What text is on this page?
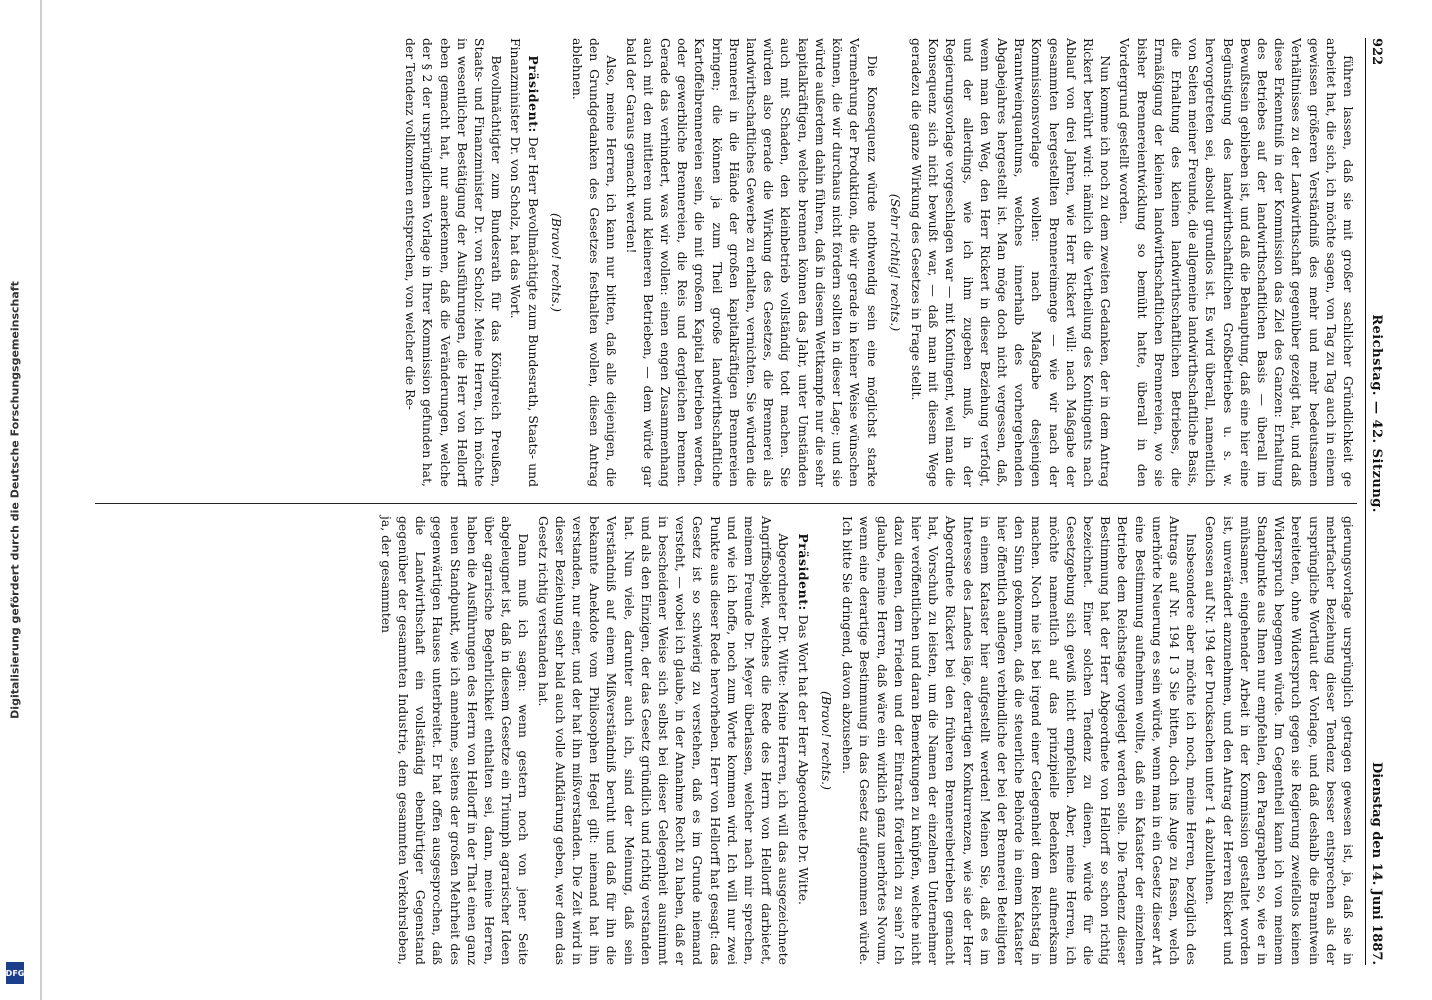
Digitalisierung gefördert durch die Deutsche Forschungsgemeinschaft
DFG
922
Reichstag. — 42. Sitzung.
Dienstag den 14. Juni 1887.

führen lassen, daß sie mit großer sachlicher Gründlichkeit ge arbeitet hat, die sich, ich möchte sagen, von Tag zu Tag auch in einem gewissen größeren Verständniß des mehr und mehr bedeutsamen Verhältnisses zu der Landwirthschaft gegenüber gezeigt hat, und daß diese Erkenntniß in der Kommission das Ziel des Ganzen: Erhaltung des Betriebes auf der landwirthschaftlichen Basis — überall im Bewußtsein geblieben ist, und daß die Behauptung, daß eine hier eine Begünstigung des landwirthschaftlichen Großbetriebes u. s. w. hervorgetreten sei, absolut grundlos ist. Es wird überall, namentlich von Seiten meiner Freunde, die allgemeine landwirthschaftliche Basis, die Erhaltung des kleinen landwirthschaftlichen Betriebes, die Ermäßigung der kleinen landwirthschaftlichen Brennereien, wo sie bisher Brennereientwicklung so bemüht hatte, überall in den Vordergrund gestellt worden.

Nun komme ich noch zu dem zweiten Gedanken, der in dem Antrag Rickert berührt wird: nämlich die Vertheilung des Kontingents nach Ablauf von drei Jahren, wie Herr Rickert will: nach Maßgabe der gesammten hergestellten Brennereimenge — wie wir nach der Kommissionsvorlage wollen: nach Maßgabe desjenigen Branntweinquantums, welches innerhalb des vorhergehenden Abgabejahres hergestellt ist. Man möge doch nicht vergessen, daß, wenn man den Weg, den Herr Rickert in dieser Beziehung verfolgt, und der allerdings, wie ich ihm zugeben muß, in der Regierungsvorlage vorgeschlagen war — mit Kontingent, weil man die Konsequenz sich nicht bewußt war, — daß man mit diesem Wege geradezu die ganze Wirkung des Gesetzes in Frage stellt.

(Sehr richtig! rechts.)

Die Konsequenz würde nothwendig sein eine möglichst starke Vermehrung der Produktion, die wir gerade in keiner Weise wünschen können, die wir durchaus nicht fördern sollten in dieser Lage; und sie würde außerdem dahin führen, daß in diesem Wettkampfe nur die sehr kapitalkräftigen, welche brennen können das Jahr, unter Umständen auch mit Schaden, den kleinbetrieb vollständig todt machen. Sie würden also gerade die Wirkung des Gesetzes, die Brennerei als landwirthschaftliches Gewerbe zu erhalten, vernichten. Sie würden die Brennerei in die Hände der großen kapitalkräftigen Brennereien bringen; die können ja zum Theil große landwirthschaftliche Kartoffelbrennereien sein, die mit großem Kapital betrieben werden, oder gewerbliche Brennereien, die Reis und dergleichen brennen. Gerade das verhindert, was wir wollen: einen engen Zusammenhang auch mit den mittleren und kleineren Betrieben, — dem würde gar bald der Garaus gemacht werden!

Also, meine Herren, ich kann nur bitten, daß alle diejenigen, die den Grundgedanken des Gesetzes festhalten wollen, diesen Antrag ablehnen.

(Bravo! rechts.)

Präsident: Der Herr Bevollmächtigte zum Bundesrath, Staats- und Finanzminister Dr. von Scholz, hat das Wort.

Bevollmächtigter zum Bundesrath für das Königreich Preußen, Staats- und Finanzminister Dr. von Scholz: Meine Herren, ich möchte in wesentlicher Bestätigung der Ausführungen, die Herr von Hellorff eben gemacht hat, nur anerkennen, daß die Veränderungen, welche der § 2 der ursprünglichen Vorlage in Ihrer Kommission gefunden hat, der Tendenz vollkommen entsprechen, von welcher die Re-

gierungsvorlage ursprünglich getragen gewesen ist, ja, daß sie in mehrfacher Beziehung dieser Tendenz besser entsprechen als der ursprüngliche Wortlaut der Vorlage, und daß deshalb die Branntwein bereiteten, ohne Widerspruch gegen sie Regierung zweifellos keinen Widerspruch begegnen würde. Im Gegentheil kann ich von meinem Standpunkte aus Ihnen nur empfehlen, den Paragraphen so, wie er in mühsamer, eingehender Arbeit in der Kommission gestaltet worden ist, unverändert anzunehmen, und den Antrag der Herren Rickert und Genossen auf Nr. 194 der Drucksachen unter 1 4 abzulehnen.

Insbesondere aber möchte ich noch, meine Herren, bezüglich des Antrags auf Nr. 194 I 3 Sie bitten, doch ins Auge zu fassen, welch unerhörte Neuerung es sein würde, wenn man in ein Gesetz dieser Art eine Bestimmung aufnehmen wollte, daß ein Kataster der einzelnen Betriebe dem Reichstage vorgelegt werden solle. Die Tendenz dieser Bestimmung hat der Herr Abgeordnete von Hellorff so schon richtig bezeichnet. Einer solchen Tendenz zu dienen, würde für die Gesetzgebung sich gewiß nicht empfehlen. Aber, meine Herren, ich möchte namentlich auf das prinzipielle Bedenken aufmerksam machen. Noch nie ist bei irgend einer Gelegenheit dem Reichstag in den Sinn gekommen, daß die steuerliche Behörde in einem Kataster hier öffentlich auflegen verbindliche der bei der Brennerei Beteiligten in einem Kataster hier aufgestellt werden! Meinen Sie, daß es im Interesse des Landes läge, derartigen Konkurrenzen, wie sie der Herr Abgeordnete Rickert bei den früheren Brennereibetrieben gemacht hat, Vorschub zu leisten, um die Namen der einzelnen Unternehmer hier veröffentlichen und daran Bemerkungen zu knüpfen, welche nicht dazu dienen, dem Frieden und der Eintracht förderlich zu sein? Ich glaube, meine Herren, daß wäre ein wirklich ganz unerhörtes Novum, wenn eine derartige Bestimmung in das Gesetz aufgenommen würde. Ich bitte Sie dringend, davon abzusehen.

(Bravo! rechts.)

Präsident: Das Wort hat der Herr Abgeordnete Dr. Witte.

Abgeordneter Dr. Witte: Meine Herren, ich will das ausgezeichnete Angriffsobjekt, welches die Rede des Herrn von Hellorff darbietet, meinem Freunde Dr. Meyer überlassen, welcher nach mir sprechen, und wie ich hoffe, noch zum Worte kommen wird. Ich will nur zwei Punkte aus dieser Rede hervorheben. Herr von Hellorff hat gesagt: das Gesetz ist so schwierig zu verstehen, daß es im Grunde niemand versteht, — wobei ich glaube, in der Annahme Recht zu haben, daß er in bescheidener Weise sich selbst bei dieser Gelegenheit ausnimmt und als den Einzigen, der das Gesetz gründlich und richtig verstanden hat. Nun viele, darunter auch ich, sind der Meinung, daß sein Verständniß auf einem Mißverständniß beruht und daß für ihn die bekannte Anekdote vom Philosophen Hegel gilt: niemand hat ihn verstanden, nur einer, und der hat ihn mißverstanden. Die Zeit wird in dieser Beziehung sehr bald auch volle Aufklärung geben, wer dem das Gesetz richtig verstanden hat.

Dann muß ich sagen: wenn gestern noch von jener Seite abgeleugnet ist, daß in diesem Gesetze ein Triumph agrarischer Ideen über agrarische Begehrlichkeit enthalten sei, dann, meine Herren, haben die Ausführungen des Herrn von Hellorff in der That einen ganz neuen Standpunkt, wie ich annehme, seitens der großen Mehrheit des gegenwärtigen Hauses unterbreitet. Er hat offen ausgesprochen, daß die Landwirthschaft ein vollständig ebenbürtiger Gegenstand gegenüber der gesammten Industrie, dem gesammten Verkehrsleben, ja, der gesammten
